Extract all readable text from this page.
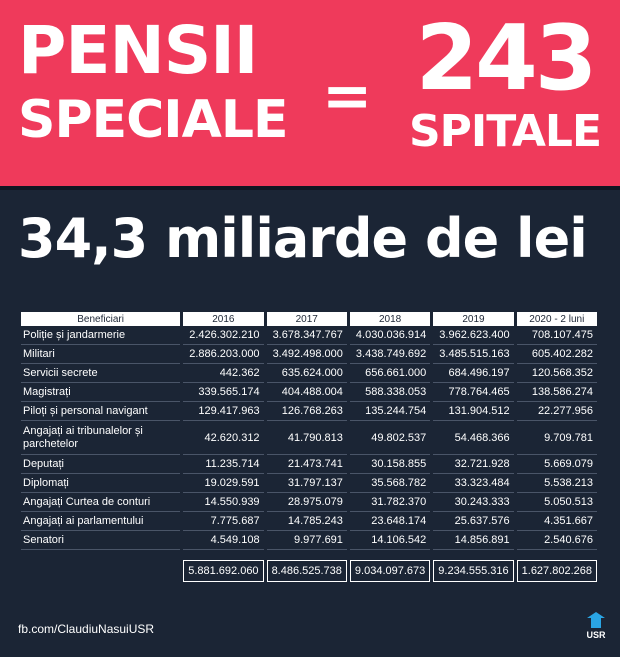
PENSII
SPECIALE = 243
SPITALE
34,3 miliarde de lei
Beneficiari	2016	2017	2018	2019	2020 - 2 luni
Poliție și jandarmerie	2.426.302.210	3.678.347.767	4.030.036.914	3.962.623.400	708.107.475
Militari	2.886.203.000	3.492.498.000	3.438.749.692	3.485.515.163	605.402.282
Servicii secrete	442.362	635.624.000	656.661.000	684.496.197	120.568.352
Magistrați	339.565.174	404.488.004	588.338.053	778.764.465	138.586.274
Piloți și personal navigant	129.417.963	126.768.263	135.244.754	131.904.512	22.277.956
Angajați ai tribunalelor și parchetelor	42.620.312	41.790.813	49.802.537	54.468.366	9.709.781
Deputați	11.235.714	21.473.741	30.158.855	32.721.928	5.669.079
Diplomați	19.029.591	31.797.137	35.568.782	33.323.484	5.538.213
Angajați Curtea de conturi	14.550.939	28.975.079	31.782.370	30.243.333	5.050.513
Angajați ai parlamentului	7.775.687	14.785.243	23.648.174	25.637.576	4.351.667
Senatori	4.549.108	9.977.691	14.106.542	14.856.891	2.540.676

	5.881.692.060	8.486.525.738	9.034.097.673	9.234.555.316	1.627.802.268
fb.com/ClaudiuNasuiUSR	USR
